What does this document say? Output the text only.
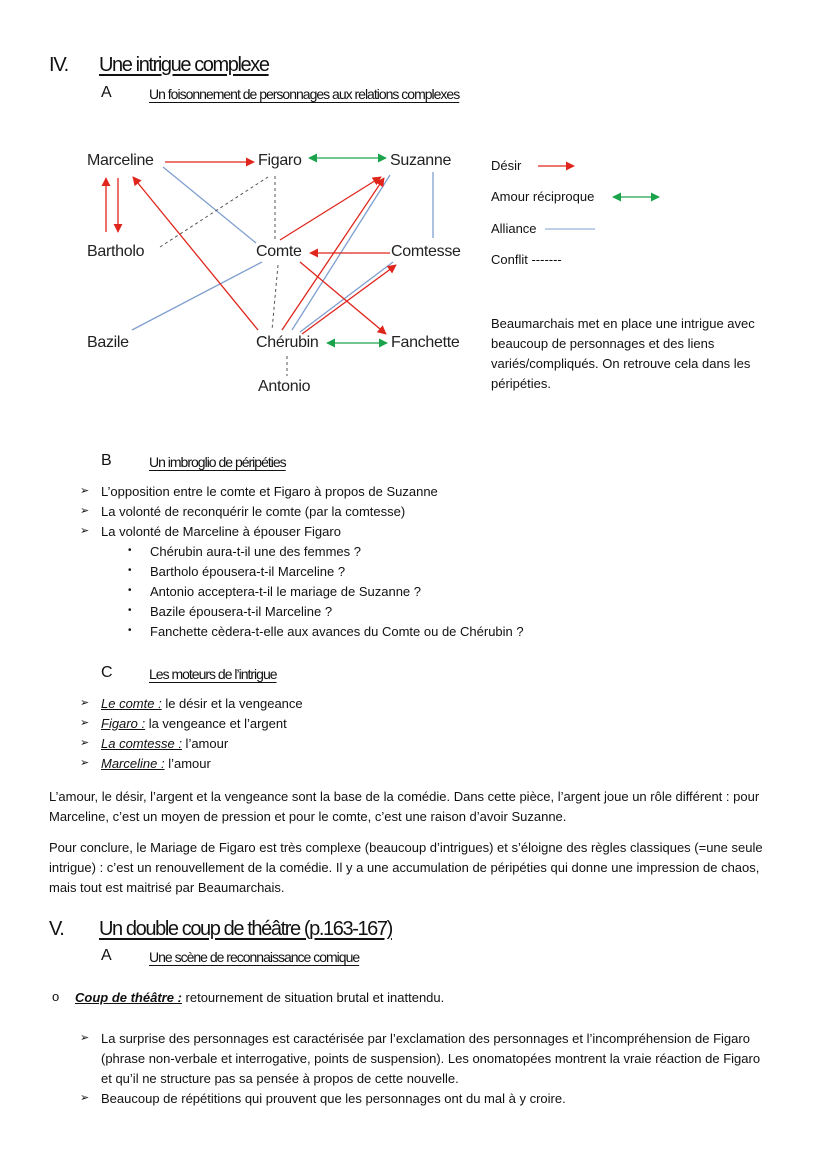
IV. Une intrigue complexe
A	Un foisonnement de personnages aux relations complexes
Marceline	Figaro	Suzanne
Bartholo	Comte	Comtesse
Bazile	Chérubin	Fanchette
Antonio
Désir
Amour réciproque
Alliance
Conflit -------
Beaumarchais met en place une intrigue avec beaucoup de personnages et des liens variés/compliqués. On retrouve cela dans les péripéties.
B	Un imbroglio de péripéties
➢ L’opposition entre le comte et Figaro à propos de Suzanne
➢ La volonté de reconquérir le comte (par la comtesse)
➢ La volonté de Marceline à épouser Figaro
• Chérubin aura-t-il une des femmes ?
• Bartholo épousera-t-il Marceline ?
• Antonio acceptera-t-il le mariage de Suzanne ?
• Bazile épousera-t-il Marceline ?
• Fanchette cèdera-t-elle aux avances du Comte ou de Chérubin ?
C	Les moteurs de l’intrigue
➢ Le comte : le désir et la vengeance
➢ Figaro : la vengeance et l’argent
➢ La comtesse : l’amour
➢ Marceline : l’amour
L’amour, le désir, l’argent et la vengeance sont la base de la comédie. Dans cette pièce, l’argent joue un rôle différent : pour Marceline, c’est un moyen de pression et pour le comte, c’est une raison d’avoir Suzanne.
Pour conclure, le Mariage de Figaro est très complexe (beaucoup d’intrigues) et s’éloigne des règles classiques (=une seule intrigue) : c’est un renouvellement de la comédie. Il y a une accumulation de péripéties qui donne une impression de chaos, mais tout est maitrisé par Beaumarchais.
V. Un double coup de théâtre (p.163-167)
A	Une scène de reconnaissance comique
o Coup de théâtre : retournement de situation brutal et inattendu.
➢ La surprise des personnages est caractérisée par l’exclamation des personnages et l’incompréhension de Figaro (phrase non-verbale et interrogative, points de suspension). Les onomatopées montrent la vraie réaction de Figaro et qu’il ne structure pas sa pensée à propos de cette nouvelle.
➢ Beaucoup de répétitions qui prouvent que les personnages ont du mal à y croire.
